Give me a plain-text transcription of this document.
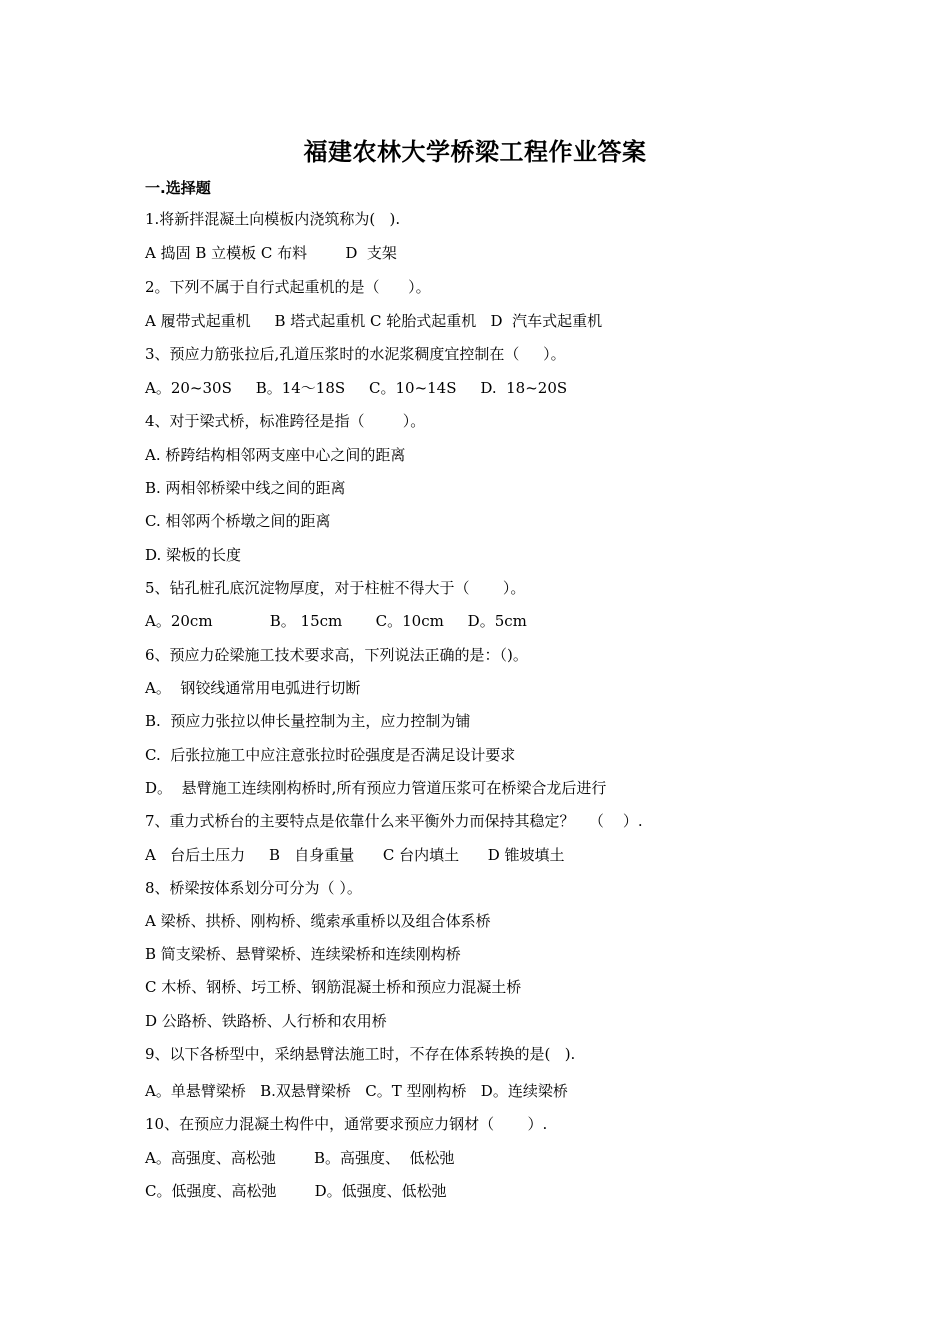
福建农林大学桥梁工程作业答案
一.选择题
1.将新拌混凝土向模板内浇筑称为(   ).
A 捣固 B 立模板 C 布料        D  支架
2。下列不属于自行式起重机的是（      ）。
A 履带式起重机     B 塔式起重机 C 轮胎式起重机   D  汽车式起重机
3、预应力筋张拉后,孔道压浆时的水泥浆稠度宜控制在（     ）。
A。20~30S     B。14～18S     C。10~14S     D.  18~20S
4、对于梁式桥，标准跨径是指（        ）。
A. 桥跨结构相邻两支座中心之间的距离
B. 两相邻桥梁中线之间的距离
C. 相邻两个桥墩之间的距离
D. 梁板的长度
5、钻孔桩孔底沉淀物厚度，对于柱桩不得大于（       ）。
A。20cm            B。 15cm       C。10cm     D。5cm
6、预应力砼梁施工技术要求高，下列说法正确的是：（)。
A。  钢铰线通常用电弧进行切断
B.  预应力张拉以伸长量控制为主，应力控制为铺
C.  后张拉施工中应注意张拉时砼强度是否满足设计要求
D。  悬臂施工连续刚构桥时,所有预应力管道压浆可在桥梁合龙后进行
7、重力式桥台的主要特点是依靠什么来平衡外力而保持其稳定？   （    ）.
A   台后土压力     B   自身重量      C 台内填土      D 锥坡填土
8、桥梁按体系划分可分为（ ）。
A 梁桥、拱桥、刚构桥、缆索承重桥以及组合体系桥
B 简支梁桥、悬臂梁桥、连续梁桥和连续刚构桥
C 木桥、钢桥、圬工桥、钢筋混凝土桥和预应力混凝土桥
D 公路桥、铁路桥、人行桥和农用桥
9、以下各桥型中，采纳悬臂法施工时，不存在体系转换的是(   ).
A。单悬臂梁桥   B.双悬臂梁桥   C。T 型刚构桥   D。连续梁桥
10、在预应力混凝土构件中，通常要求预应力钢材（       ）.
A。高强度、高松弛        B。高强度、  低松弛
C。低强度、高松弛        D。低强度、低松弛
